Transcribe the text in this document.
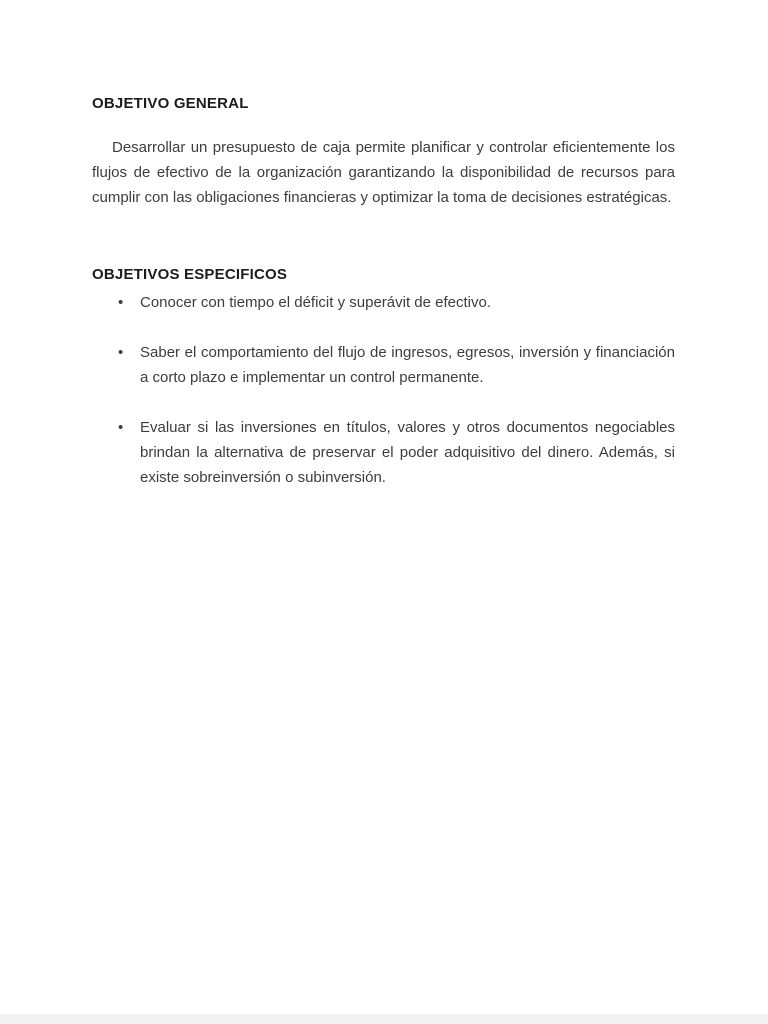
OBJETIVO GENERAL

Desarrollar un presupuesto de caja permite planificar y controlar eficientemente los flujos de efectivo de la organización garantizando la disponibilidad de recursos para cumplir con las obligaciones financieras y optimizar la toma de decisiones estratégicas.

OBJETIVOS ESPECIFICOS
•	Conocer con tiempo el déficit y superávit de efectivo.
•	Saber el comportamiento del flujo de ingresos, egresos, inversión y financiación a corto plazo e implementar un control permanente.
•	Evaluar si las inversiones en títulos, valores y otros documentos negociables brindan la alternativa de preservar el poder adquisitivo del dinero. Además, si existe sobreinversión o subinversión.
